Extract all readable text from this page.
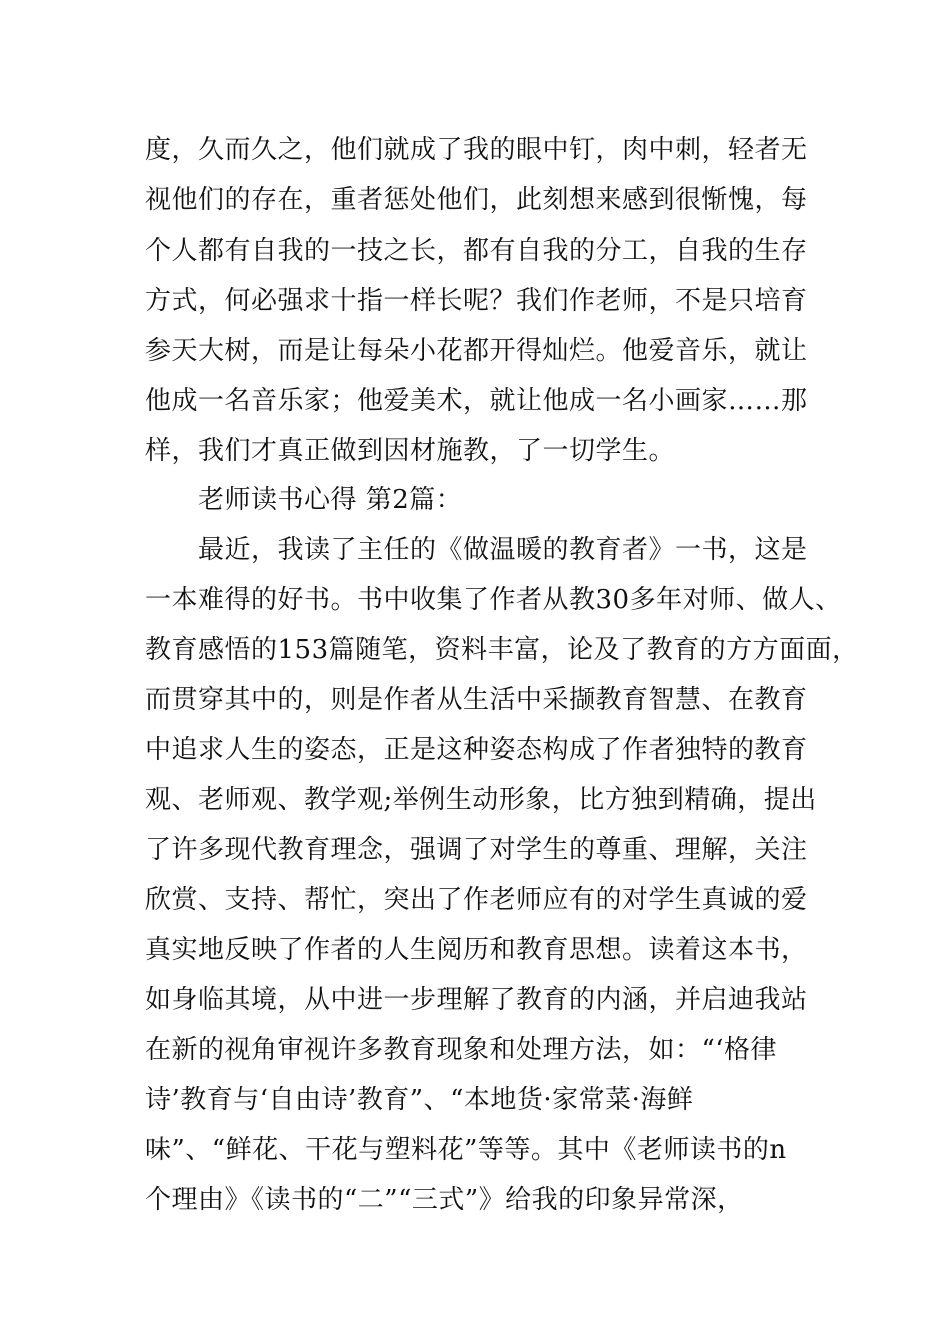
度，久而久之，他们就成了我的眼中钉，肉中刺，轻者无
视他们的存在，重者惩处他们，此刻想来感到很惭愧，每
个人都有自我的一技之长，都有自我的分工，自我的生存
方式，何必强求十指一样长呢？我们作老师，不是只培育
参天大树，而是让每朵小花都开得灿烂。他爱音乐，就让
他成一名音乐家；他爱美术，就让他成一名小画家……那
样，我们才真正做到因材施教，了一切学生。
老师读书心得 第2篇：
最近，我读了主任的《做温暖的教育者》一书，这是
一本难得的好书。书中收集了作者从教30多年对师、做人、
教育感悟的153篇随笔，资料丰富，论及了教育的方方面面，
而贯穿其中的，则是作者从生活中采撷教育智慧、在教育
中追求人生的姿态，正是这种姿态构成了作者独特的教育
观、老师观、教学观;举例生动形象，比方独到精确，提出
了许多现代教育理念，强调了对学生的尊重、理解，关注
欣赏、支持、帮忙，突出了作老师应有的对学生真诚的爱
真实地反映了作者的人生阅历和教育思想。读着这本书，
如身临其境，从中进一步理解了教育的内涵，并启迪我站
在新的视角审视许多教育现象和处理方法，如：“‘格律
诗’教育与‘自由诗’教育”、“本地货·家常菜·海鲜
味”、“鲜花、干花与塑料花”等等。其中《老师读书的n
个理由》《读书的“二”“三式”》给我的印象异常深，
